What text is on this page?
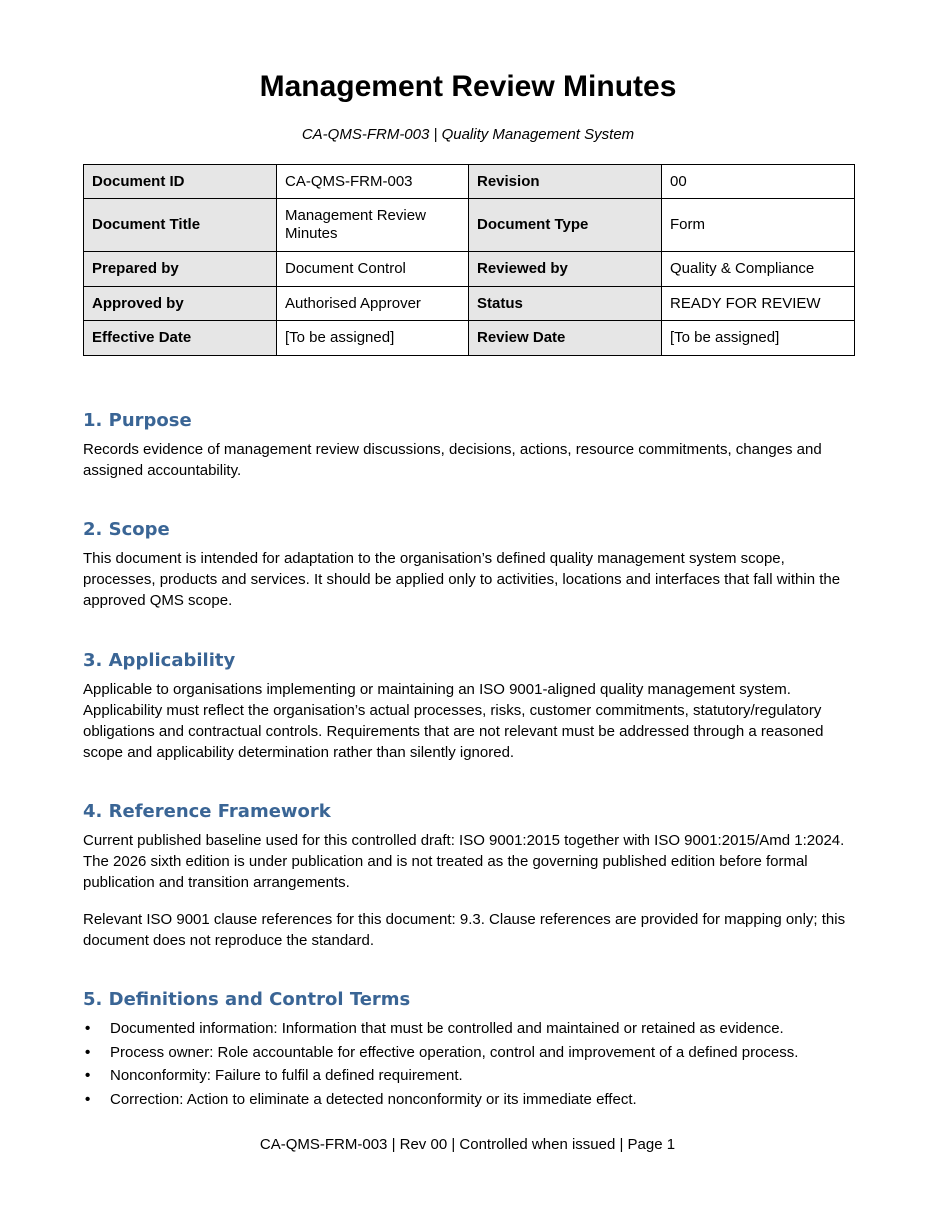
Management Review Minutes
CA-QMS-FRM-003 | Quality Management System
Document ID	CA-QMS-FRM-003	Revision	00
Document Title	Management Review Minutes	Document Type	Form
Prepared by	Document Control	Reviewed by	Quality & Compliance
Approved by	Authorised Approver	Status	READY FOR REVIEW
Effective Date	[To be assigned]	Review Date	[To be assigned]
1. Purpose

Records evidence of management review discussions, decisions, actions, resource commitments, changes and assigned accountability.

2. Scope

This document is intended for adaptation to the organisation’s defined quality management system scope, processes, products and services. It should be applied only to activities, locations and interfaces that fall within the approved QMS scope.

3. Applicability

Applicable to organisations implementing or maintaining an ISO 9001-aligned quality management system. Applicability must reflect the organisation’s actual processes, risks, customer commitments, statutory/regulatory obligations and contractual controls. Requirements that are not relevant must be addressed through a reasoned scope and applicability determination rather than silently ignored.

4. Reference Framework

Current published baseline used for this controlled draft: ISO 9001:2015 together with ISO 9001:2015/Amd 1:2024. The 2026 sixth edition is under publication and is not treated as the governing published edition before formal publication and transition arrangements.

Relevant ISO 9001 clause references for this document: 9.3. Clause references are provided for mapping only; this document does not reproduce the standard.

5. Definitions and Control Terms
• Documented information: Information that must be controlled and maintained or retained as evidence.
• Process owner: Role accountable for effective operation, control and improvement of a defined process.
• Nonconformity: Failure to fulfil a defined requirement.
• Correction: Action to eliminate a detected nonconformity or its immediate effect.
CA-QMS-FRM-003 | Rev 00 | Controlled when issued | Page 1
